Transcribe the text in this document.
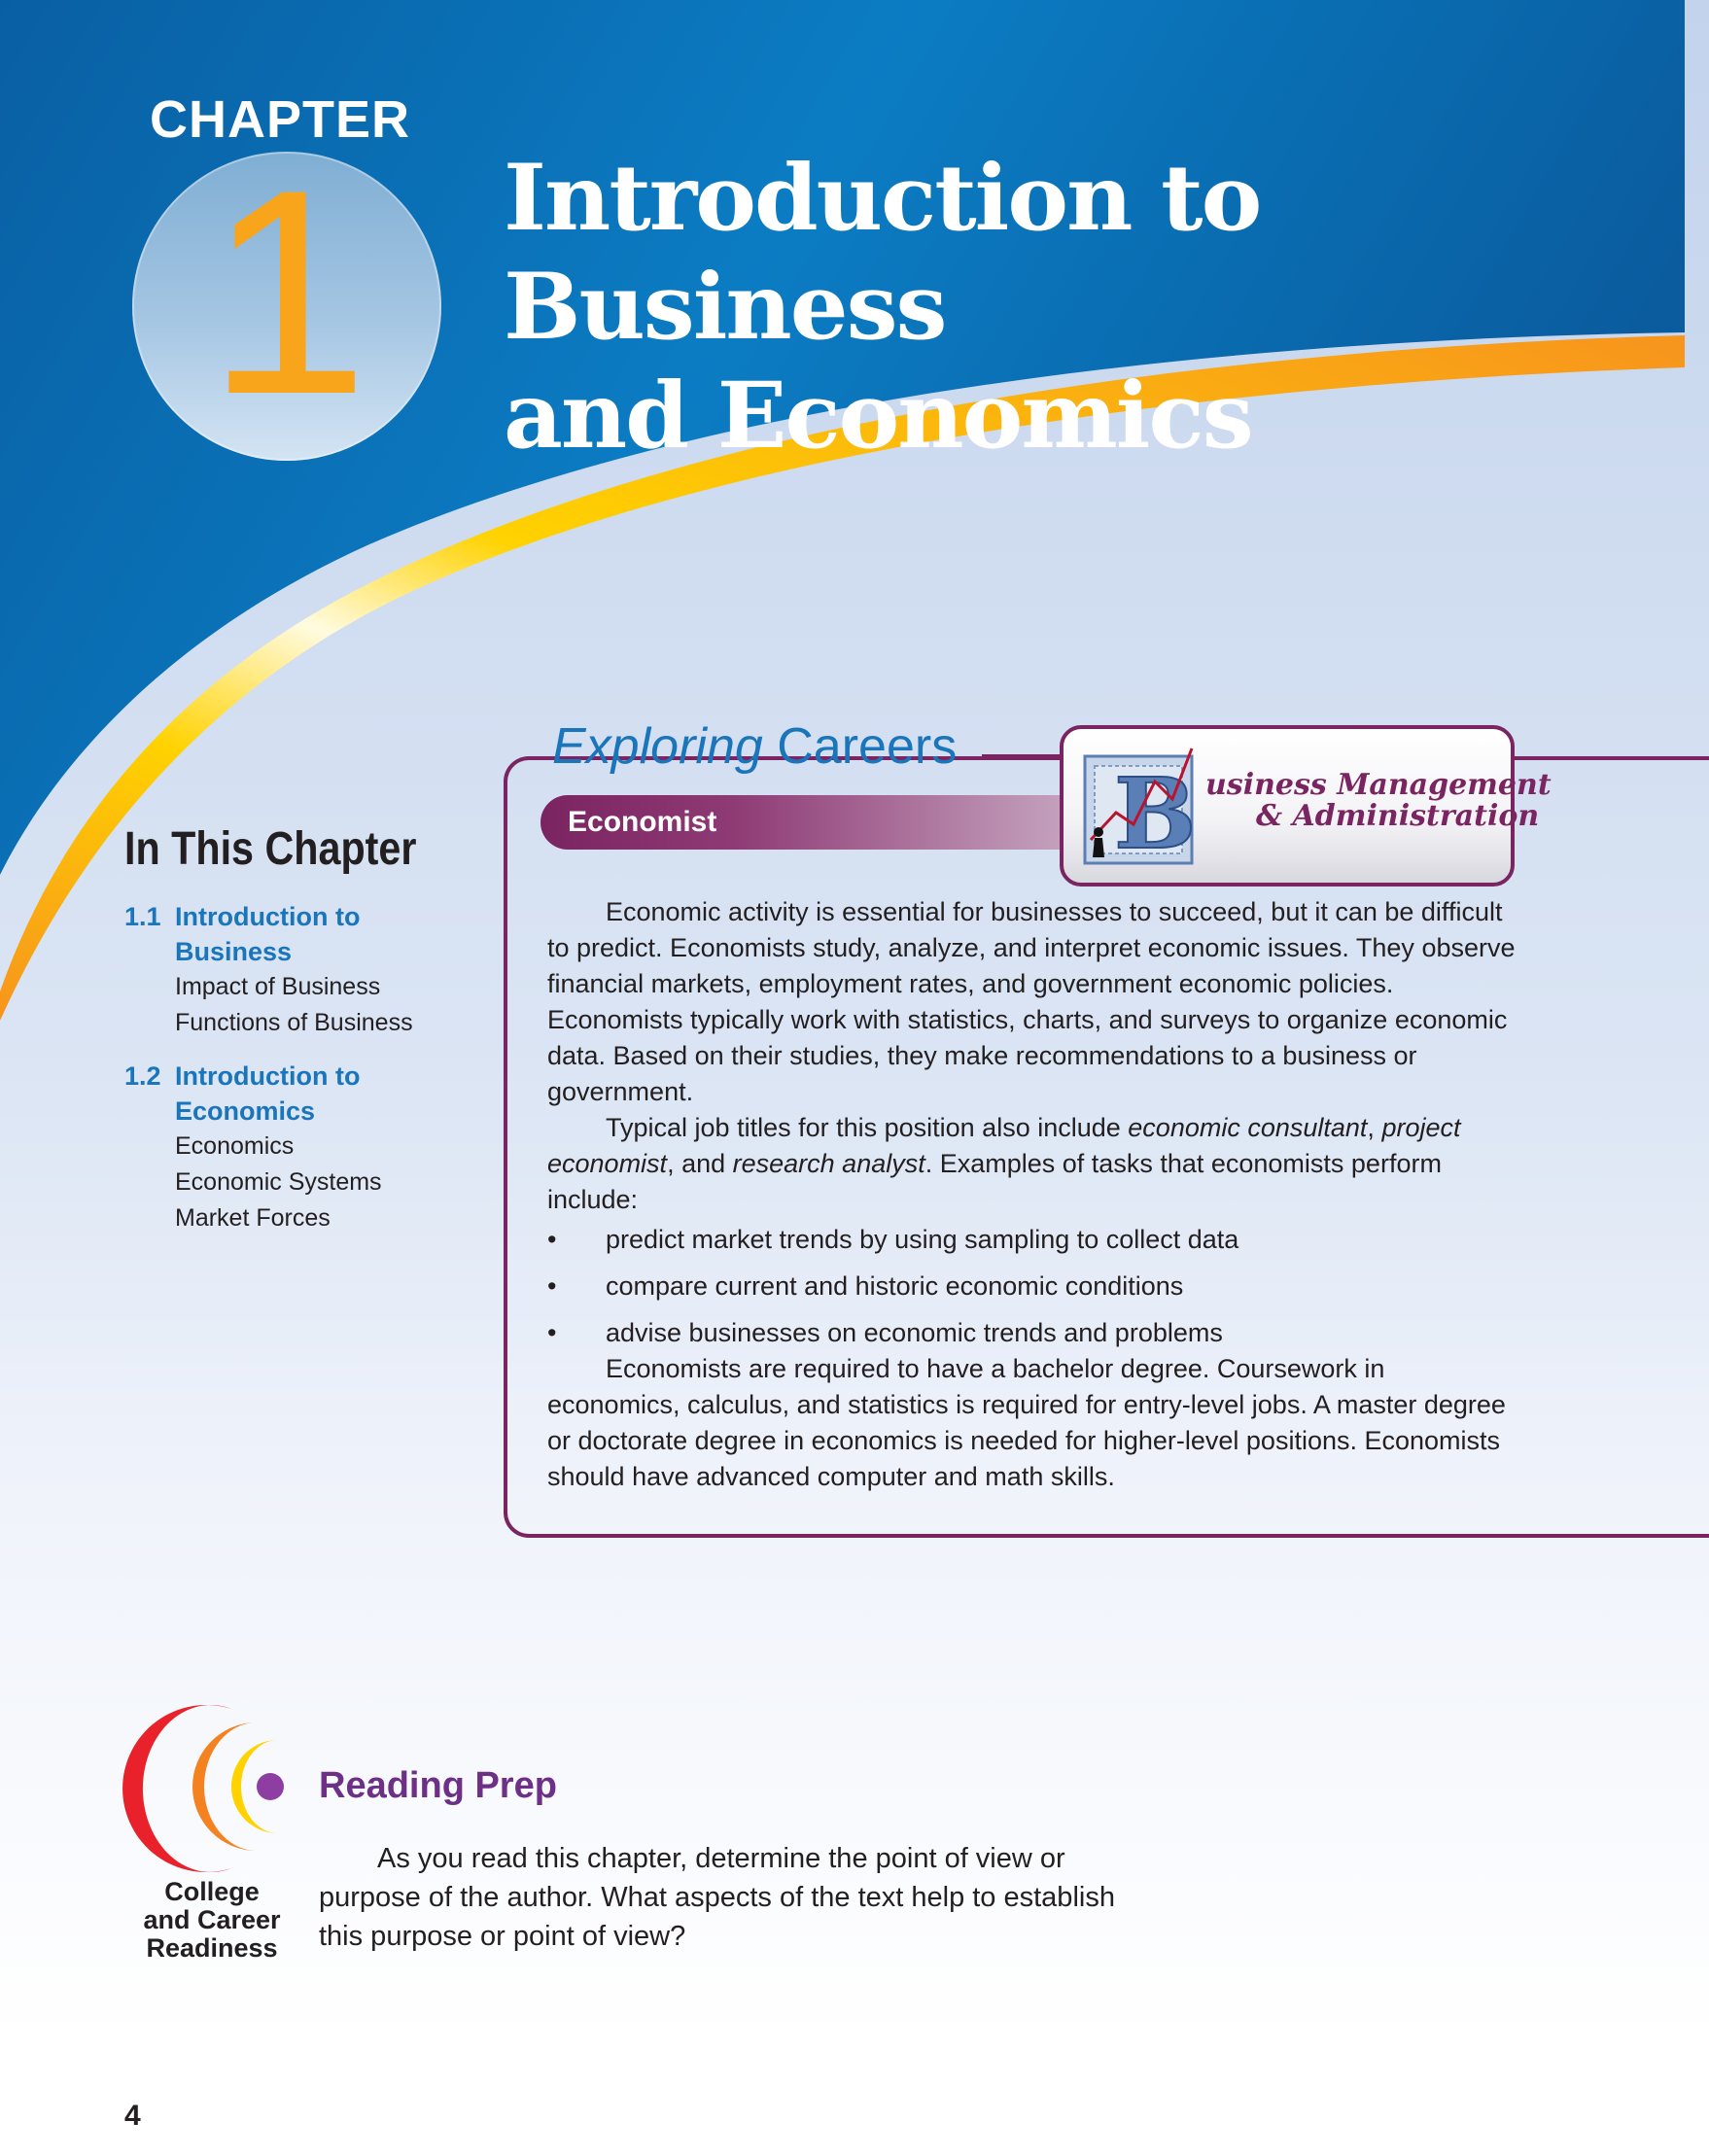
CHAPTER
1 Introduction to Business
and Economics
In This Chapter
1.1 Introduction to
Business
Impact of Business
Functions of Business
1.2 Introduction to
Economics
Economics
Economic Systems
Market Forces
Exploring Careers
Economist	B usiness Management
& Administration

Economic activity is essential for businesses to succeed, but it can be difficult to predict. Economists study, analyze, and interpret economic issues. They observe financial markets, employment rates, and government economic policies. Economists typically work with statistics, charts, and surveys to organize economic data. Based on their studies, they make recommendations to a business or government.

Typical job titles for this position also include economic consultant, project economist, and research analyst. Examples of tasks that economists perform include:

• predict market trends by using sampling to collect data
• compare current and historic economic conditions
• advise businesses on economic trends and problems

Economists are required to have a bachelor degree. Coursework in economics, calculus, and statistics is required for entry-level jobs. A master degree or doctorate degree in economics is needed for higher-level positions. Economists should have advanced computer and math skills.

College
and Career
Readiness
Reading Prep

As you read this chapter, determine the point of view or purpose of the author. What aspects of the text help to establish this purpose or point of view?

4
